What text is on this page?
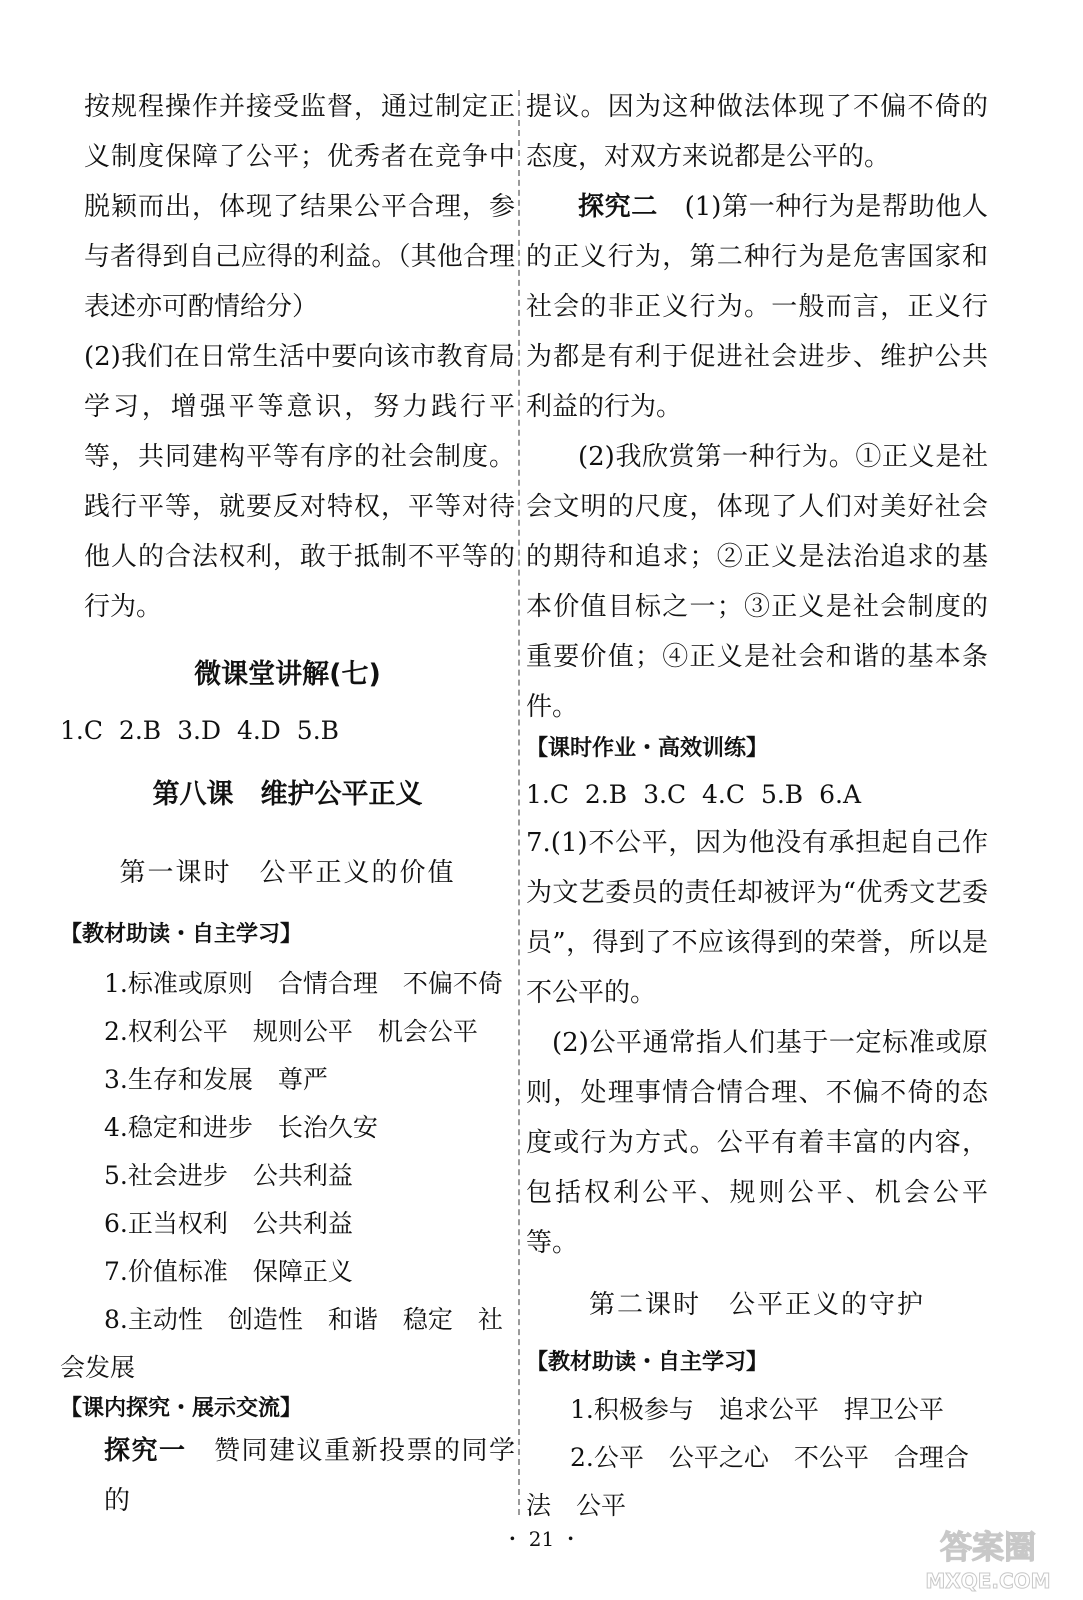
按规程操作并接受监督，通过制定正义制度保障了公平；优秀者在竞争中脱颖而出，体现了结果公平合理，参与者得到自己应得的利益。（其他合理表述亦可酌情给分）

(2)我们在日常生活中要向该市教育局学习，增强平等意识，努力践行平等，共同建构平等有序的社会制度。践行平等，就要反对特权，平等对待他人的合法权利，敢于抵制不平等的行为。

微课堂讲解(七)

1.C 2.B 3.D 4.D 5.B

第八课　维护公平正义

第一课时　公平正义的价值

【教材助读・自主学习】

1.标准或原则　合情合理　不偏不倚

2.权利公平　规则公平　机会公平

3.生存和发展　尊严

4.稳定和进步　长治久安

5.社会进步　公共利益

6.正当权利　公共利益

7.价值标准　保障正义

8.主动性　创造性　和谐　稳定　社

会发展

【课内探究・展示交流】

探究一　赞同建议重新投票的同学的

提议。因为这种做法体现了不偏不倚的态度，对双方来说都是公平的。

探究二　(1)第一种行为是帮助他人的正义行为，第二种行为是危害国家和社会的非正义行为。一般而言，正义行为都是有利于促进社会进步、维护公共利益的行为。

(2)我欣赏第一种行为。①正义是社会文明的尺度，体现了人们对美好社会的期待和追求；②正义是法治追求的基本价值目标之一；③正义是社会制度的重要价值；④正义是社会和谐的基本条件。

【课时作业・高效训练】

1.C 2.B 3.C 4.C 5.B 6.A

7.(1)不公平，因为他没有承担起自己作为文艺委员的责任却被评为“优秀文艺委员”，得到了不应该得到的荣誉，所以是不公平的。

(2)公平通常指人们基于一定标准或原则，处理事情合情合理、不偏不倚的态度或行为方式。公平有着丰富的内容，包括权利公平、规则公平、机会公平等。

第二课时　公平正义的守护

【教材助读・自主学习】

1.积极参与　追求公平　捍卫公平

2.公平　公平之心　不公平　合理合

法　公平

・ 21 ・	答案圈
MXQE.COM
